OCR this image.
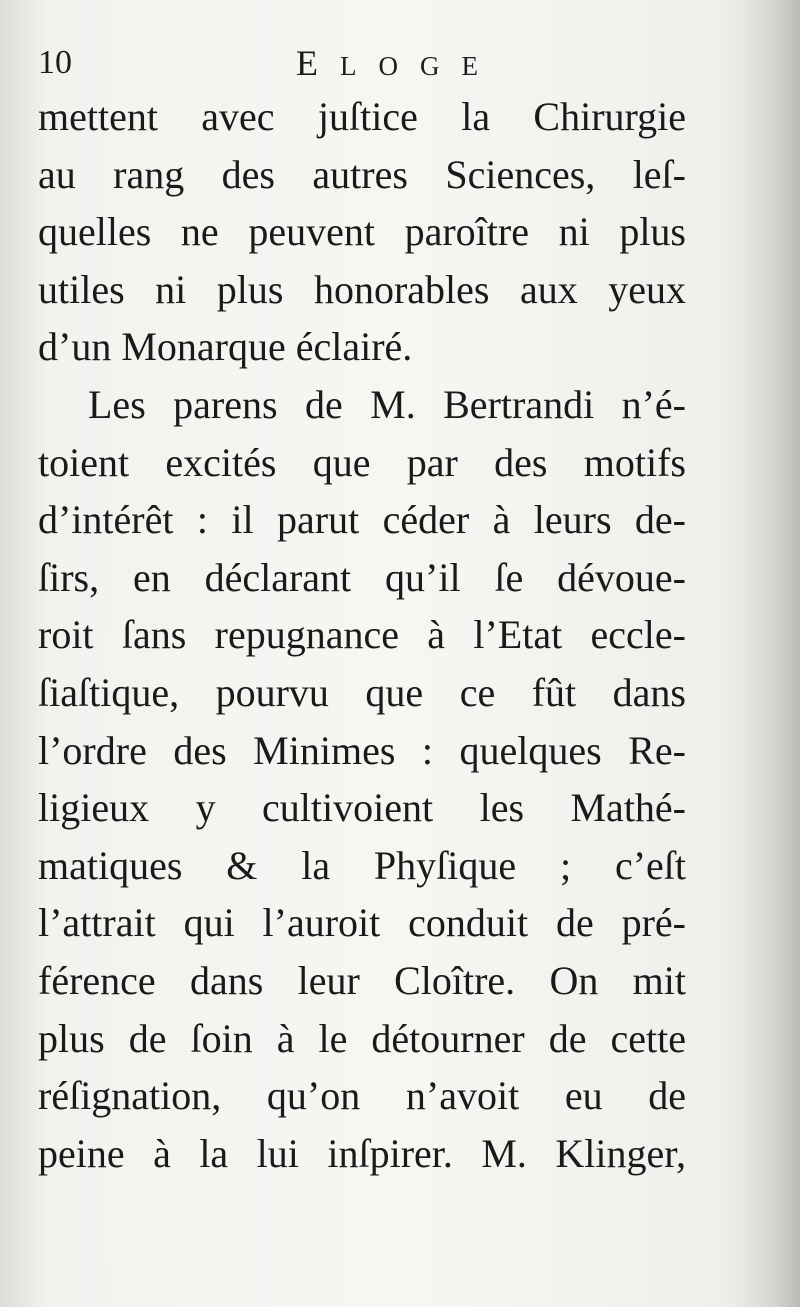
10	ELOGE
mettent avec juſtice la Chirurgie
au rang des autres Sciences, leſ-
quelles ne peuvent paroître ni plus
utiles ni plus honorables aux yeux
d’un Monarque éclairé.
Les parens de M. Bertrandi n’é-
toient excités que par des motifs
d’intérêt : il parut céder à leurs de-
ſirs, en déclarant qu’il ſe dévoue-
roit ſans repugnance à l’Etat eccle-
ſiaſtique, pourvu que ce fût dans
l’ordre des Minimes : quelques Re-
ligieux y cultivoient les Mathé-
matiques & la Phyſique ; c’eſt
l’attrait qui l’auroit conduit de pré-
férence dans leur Cloître. On mit
plus de ſoin à le détourner de cette
réſignation, qu’on n’avoit eu de
peine à la lui inſpirer. M. Klinger,
